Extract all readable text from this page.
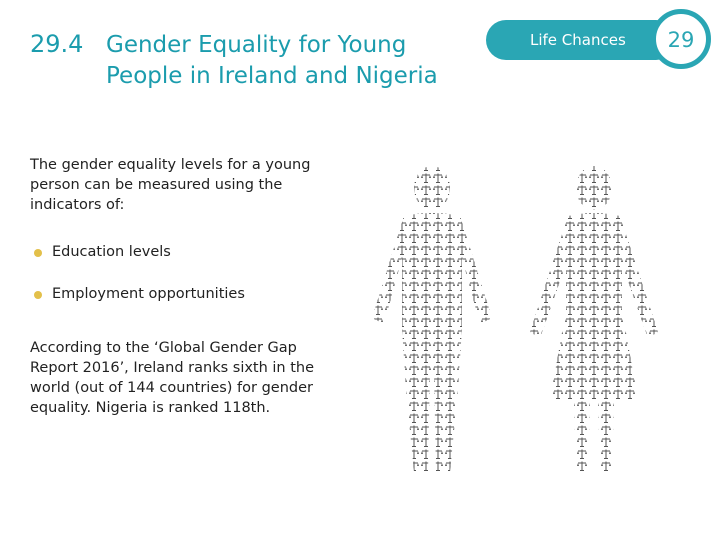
29.4 Gender Equality for Young People in Ireland and Nigeria
Life Chances	29
The gender equality levels for a young person can be measured using the indicators of:
Education levels
Employment opportunities
According to the ‘Global Gender Gap Report 2016’, Ireland ranks sixth in the world (out of 144 countries) for gender equality. Nigeria is ranked 118th.
